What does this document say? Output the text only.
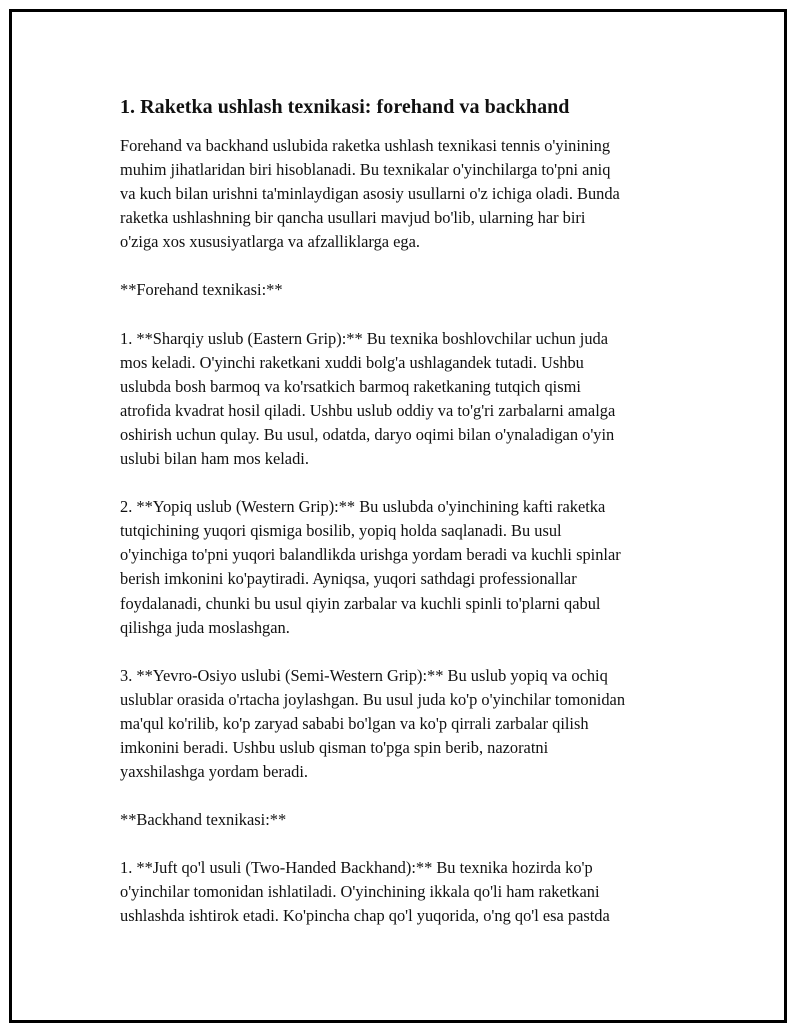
1. Raketka ushlash texnikasi: forehand va backhand

Forehand va backhand uslubida raketka ushlash texnikasi tennis o'yinining
muhim jihatlaridan biri hisoblanadi. Bu texnikalar o'yinchilarga to'pni aniq
va kuch bilan urishni ta'minlaydigan asosiy usullarni o'z ichiga oladi. Bunda
raketka ushlashning bir qancha usullari mavjud bo'lib, ularning har biri
o'ziga xos xususiyatlarga va afzalliklarga ega.

**Forehand texnikasi:**

1. **Sharqiy uslub (Eastern Grip):** Bu texnika boshlovchilar uchun juda
mos keladi. O'yinchi raketkani xuddi bolg'a ushlagandek tutadi. Ushbu
uslubda bosh barmoq va ko'rsatkich barmoq raketkaning tutqich qismi
atrofida kvadrat hosil qiladi. Ushbu uslub oddiy va to'g'ri zarbalarni amalga
oshirish uchun qulay. Bu usul, odatda, daryo oqimi bilan o'ynaladigan o'yin
uslubi bilan ham mos keladi.

2. **Yopiq uslub (Western Grip):** Bu uslubda o'yinchining kafti raketka
tutqichining yuqori qismiga bosilib, yopiq holda saqlanadi. Bu usul
o'yinchiga to'pni yuqori balandlikda urishga yordam beradi va kuchli spinlar
berish imkonini ko'paytiradi. Ayniqsa, yuqori sathdagi professionallar
foydalanadi, chunki bu usul qiyin zarbalar va kuchli spinli to'plarni qabul
qilishga juda moslashgan.

3. **Yevro-Osiyo uslubi (Semi-Western Grip):** Bu uslub yopiq va ochiq
uslublar orasida o'rtacha joylashgan. Bu usul juda ko'p o'yinchilar tomonidan
ma'qul ko'rilib, ko'p zaryad sababi bo'lgan va ko'p qirrali zarbalar qilish
imkonini beradi. Ushbu uslub qisman to'pga spin berib, nazoratni
yaxshilashga yordam beradi.

**Backhand texnikasi:**

1. **Juft qo'l usuli (Two-Handed Backhand):** Bu texnika hozirda ko'p
o'yinchilar tomonidan ishlatiladi. O'yinchining ikkala qo'li ham raketkani
ushlashda ishtirok etadi. Ko'pincha chap qo'l yuqorida, o'ng qo'l esa pastda
